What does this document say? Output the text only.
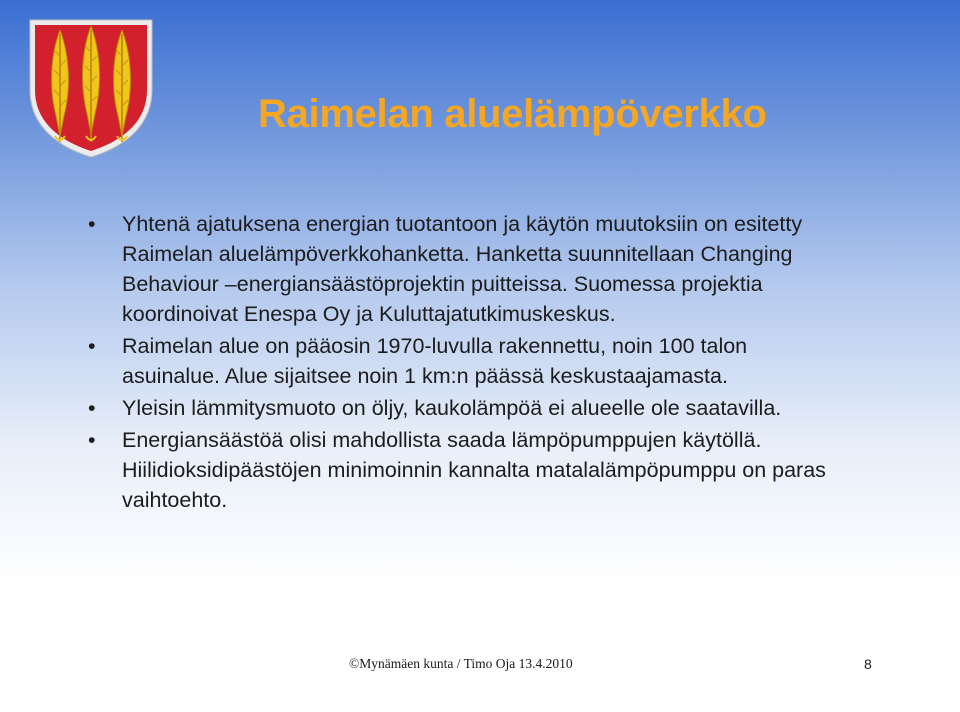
Raimelan aluelämpöverkko
• Yhtenä ajatuksena energian tuotantoon ja käytön muutoksiin on esitetty Raimelan aluelämpöverkkohanketta. Hanketta suunnitellaan Changing Behaviour –energiansäästöprojektin puitteissa. Suomessa projektia koordinoivat Enespa Oy ja Kuluttajatutkimuskeskus.
• Raimelan alue on pääosin 1970-luvulla rakennettu, noin 100 talon asuinalue. Alue sijaitsee noin 1 km:n päässä keskustaajamasta.
• Yleisin lämmitysmuoto on öljy, kaukolämpöä ei alueelle ole saatavilla.
• Energiansäästöä olisi mahdollista saada lämpöpumppujen käytöllä. Hiilidioksidipäästöjen minimoinnin kannalta matalalämpöpumppu on paras vaihtoehto.
©Mynämäen kunta / Timo Oja 13.4.2010	8
